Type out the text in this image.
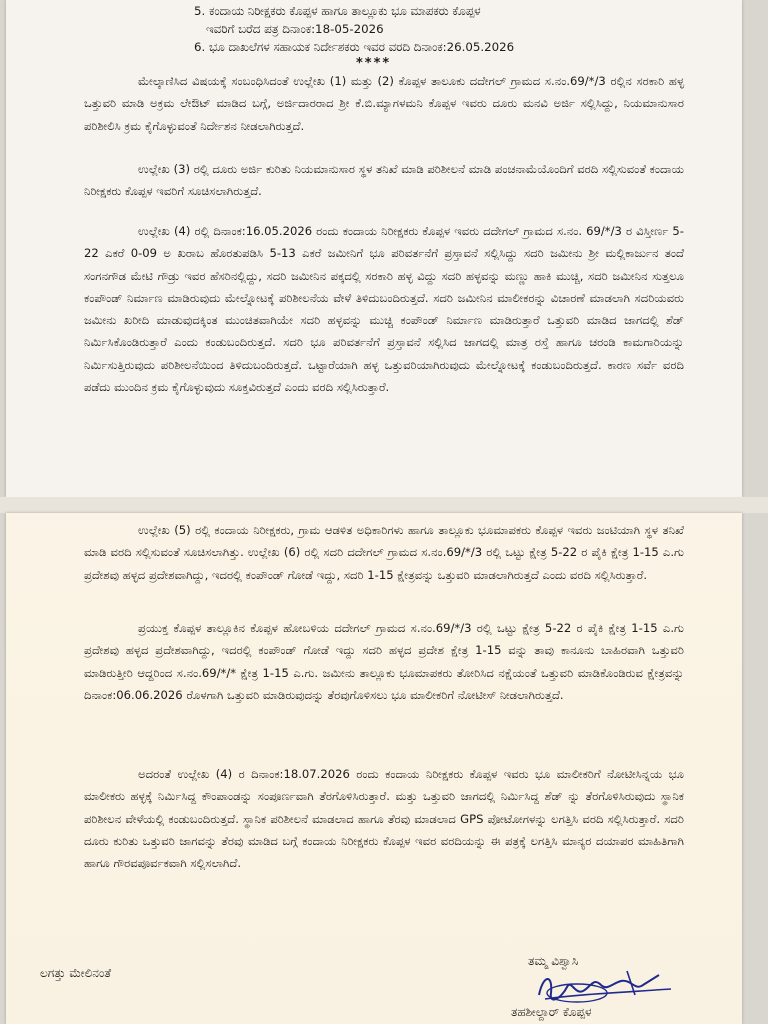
5. ಕಂದಾಯ ನಿರೀಕ್ಷಕರು ಕೊಪ್ಪಳ ಹಾಗೂ ತಾಲ್ಲೂಕು ಭೂ ಮಾಪಕರು ಕೊಪ್ಪಳ
ಇವರಿಗೆ ಬರೆದ ಪತ್ರ ದಿನಾಂಕ:18-05-2026
6. ಭೂ ದಾಖಲೆಗಳ ಸಹಾಯಕ ನಿರ್ದೇಶಕರು ಇವರ ವರದಿ ದಿನಾಂಕ:26.05.2026
****
ಮೇಲ್ಕಾಣಿಸಿದ ವಿಷಯಕ್ಕೆ ಸಂಬಂಧಿಸಿದಂತೆ ಉಲ್ಲೇಖ (1) ಮತ್ತು (2) ಕೊಪ್ಪಳ ತಾಲೂಕು ದದೇಗಲ್ ಗ್ರಾಮದ ಸ.ನಂ.69/*/3 ರಲ್ಲಿನ ಸರಕಾರಿ ಹಳ್ಳ ಒತ್ತುವರಿ ಮಾಡಿ ಅಕ್ರಮ ಲೇಔಟ್ ಮಾಡಿದ ಬಗ್ಗೆ, ಅರ್ಜಿದಾರರಾದ ಶ್ರೀ ಕೆ.ಬಿ.ಮ್ಯಾಗಳಮನಿ ಕೊಪ್ಪಳ ಇವರು ದೂರು ಮನವಿ ಅರ್ಜಿ ಸಲ್ಲಿಸಿದ್ದು, ನಿಯಮಾನುಸಾರ ಪರಿಶೀಲಿಸಿ ಕ್ರಮ ಕೈಗೊಳ್ಳುವಂತೆ ನಿರ್ದೇಶನ ನೀಡಲಾಗಿರುತ್ತದೆ.
ಉಲ್ಲೇಖ (3) ರಲ್ಲಿ ದೂರು ಅರ್ಜಿ ಕುರಿತು ನಿಯಮಾನುಸಾರ ಸ್ಥಳ ತನಿಖೆ ಮಾಡಿ ಪರಿಶೀಲನೆ ಮಾಡಿ ಪಂಚನಾಮೆಯೊಂದಿಗೆ ವರದಿ ಸಲ್ಲಿಸುವಂತೆ ಕಂದಾಯ ನಿರೀಕ್ಷಕರು ಕೊಪ್ಪಳ ಇವರಿಗೆ ಸೂಚಿಸಲಾಗಿರುತ್ತದೆ.
ಉಲ್ಲೇಖ (4) ರಲ್ಲಿ ದಿನಾಂಕ:16.05.2026 ರಂದು ಕಂದಾಯ ನಿರೀಕ್ಷಕರು ಕೊಪ್ಪಳ ಇವರು ದದೇಗಲ್ ಗ್ರಾಮದ ಸ.ನಂ. 69/*/3 ರ ವಿಸ್ತೀರ್ಣ 5-22 ಎಕರೆ 0-09 ಅ ಖರಾಬ ಹೊರತುಪಡಿಸಿ 5-13 ಎಕರೆ ಜಮೀನಿಗೆ ಭೂ ಪರಿವರ್ತನೆಗೆ ಪ್ರಸ್ತಾವನೆ ಸಲ್ಲಿಸಿದ್ದು ಸದರಿ ಜಮೀನು ಶ್ರೀ ಮಲ್ಲಿಕಾರ್ಜುನ ತಂದೆ ಸಂಗನಗೌಡ ಮೇಟಿ ಗೌಡ್ರು ಇವರ ಹೆಸರಿನಲ್ಲಿದ್ದು, ಸದರಿ ಜಮೀನಿನ ಪಕ್ಕದಲ್ಲಿ ಸರಕಾರಿ ಹಳ್ಳ ವಿದ್ದು ಸದರಿ ಹಳ್ಳವನ್ನು ಮಣ್ಣು ಹಾಕಿ ಮುಚ್ಚಿ, ಸದರಿ ಜಮೀನಿನ ಸುತ್ತಲೂ ಕಂಪೌಂಡ್ ನಿರ್ಮಾಣ ಮಾಡಿರುವುದು ಮೇಲ್ನೋಟಕ್ಕೆ ಪರಿಶೀಲನೆಯ ವೇಳೆ ತಿಳಿದುಬಂದಿರುತ್ತದೆ. ಸದರಿ ಜಮೀನಿನ ಮಾಲೀಕರನ್ನು ವಿಚಾರಣೆ ಮಾಡಲಾಗಿ ಸದರಿಯವರು ಜಮೀನು ಖರೀದಿ ಮಾಡುವುದಕ್ಕಿಂತ ಮುಂಚಿತವಾಗಿಯೇ ಸದರಿ ಹಳ್ಳವನ್ನು ಮುಚ್ಚಿ ಕಂಪೌಂಡ್ ನಿರ್ಮಾಣ ಮಾಡಿರುತ್ತಾರೆ ಒತ್ತುವರಿ ಮಾಡಿದ ಜಾಗದಲ್ಲಿ ಶೆಡ್ ನಿರ್ಮಿಸಿಕೊಂಡಿರುತ್ತಾರೆ ಎಂದು ಕಂಡುಬಂದಿರುತ್ತದೆ. ಸದರಿ ಭೂ ಪರಿವರ್ತನೆಗೆ ಪ್ರಸ್ತಾವನೆ ಸಲ್ಲಿಸಿದ ಜಾಗದಲ್ಲಿ ಮಾತ್ರ ರಸ್ತೆ ಹಾಗೂ ಚರಂಡಿ ಕಾಮಗಾರಿಯನ್ನು ನಿರ್ಮಿಸುತ್ತಿರುವುದು ಪರಿಶೀಲನೆಯಿಂದ ತಿಳಿದುಬಂದಿರುತ್ತದೆ. ಒಟ್ಟಾರೆಯಾಗಿ ಹಳ್ಳ ಒತ್ತುವರಿಯಾಗಿರುವುದು ಮೇಲ್ನೋಟಕ್ಕೆ ಕಂಡುಬಂದಿರುತ್ತದೆ. ಕಾರಣ ಸರ್ವೆ ವರದಿ ಪಡೆದು ಮುಂದಿನ ಕ್ರಮ ಕೈಗೊಳ್ಳುವುದು ಸೂಕ್ತವಿರುತ್ತದೆ ಎಂದು ವರದಿ ಸಲ್ಲಿಸಿರುತ್ತಾರೆ.
ಉಲ್ಲೇಖ (5) ರಲ್ಲಿ ಕಂದಾಯ ನಿರೀಕ್ಷಕರು, ಗ್ರಾಮ ಆಡಳಿತ ಅಧಿಕಾರಿಗಳು ಹಾಗೂ ತಾಲ್ಲೂಕು ಭೂಮಾಪಕರು ಕೊಪ್ಪಳ ಇವರು ಜಂಟಿಯಾಗಿ ಸ್ಥಳ ತನಿಖೆ ಮಾಡಿ ವರದಿ ಸಲ್ಲಿಸುವಂತೆ ಸೂಚಿಸಲಾಗಿತ್ತು. ಉಲ್ಲೇಖ (6) ರಲ್ಲಿ ಸದರಿ ದದೇಗಲ್ ಗ್ರಾಮದ ಸ.ನಂ.69/*/3 ರಲ್ಲಿ ಒಟ್ಟು ಕ್ಷೇತ್ರ 5-22 ರ ಪೈಕಿ ಕ್ಷೇತ್ರ 1-15 ಎ.ಗು ಪ್ರದೇಶವು ಹಳ್ಳದ ಪ್ರದೇಶವಾಗಿದ್ದು, ಇದರಲ್ಲಿ ಕಂಪೌಂಡ್ ಗೋಡೆ ಇದ್ದು, ಸದರಿ 1-15 ಕ್ಷೇತ್ರವನ್ನು ಒತ್ತುವರಿ ಮಾಡಲಾಗಿರುತ್ತದೆ ಎಂದು ವರದಿ ಸಲ್ಲಿಸಿರುತ್ತಾರೆ.
ಪ್ರಯುಕ್ತ ಕೊಪ್ಪಳ ತಾಲ್ಲೂಕಿನ ಕೊಪ್ಪಳ ಹೋಬಳಿಯ ದದೇಗಲ್ ಗ್ರಾಮದ ಸ.ನಂ.69/*/3 ರಲ್ಲಿ ಒಟ್ಟು ಕ್ಷೇತ್ರ 5-22 ರ ಪೈಕಿ ಕ್ಷೇತ್ರ 1-15 ಎ.ಗು ಪ್ರದೇಶವು ಹಳ್ಳದ ಪ್ರದೇಶವಾಗಿದ್ದು, ಇದರಲ್ಲಿ ಕಂಪೌಂಡ್ ಗೋಡೆ ಇದ್ದು ಸದರಿ ಹಳ್ಳದ ಪ್ರದೇಶ ಕ್ಷೇತ್ರ 1-15 ವನ್ನು ತಾವು ಕಾನೂನು ಬಾಹಿರವಾಗಿ ಒತ್ತುವರಿ ಮಾಡಿರುತ್ತೀರಿ ಆದ್ದರಿಂದ ಸ.ನಂ.69/*/* ಕ್ಷೇತ್ರ 1-15 ಎ.ಗು. ಜಮೀನು ತಾಲ್ಲೂಕು ಭೂಮಾಪಕರು ತೋರಿಸಿದ ನಕ್ಷೆಯಂತೆ ಒತ್ತುವರಿ ಮಾಡಿಕೊಂಡಿರುವ ಕ್ಷೇತ್ರವನ್ನು ದಿನಾಂಕ:06.06.2026 ರೊಳಗಾಗಿ ಒತ್ತುವರಿ ಮಾಡಿರುವುದನ್ನು ತೆರವುಗೊಳಿಸಲು ಭೂ ಮಾಲೀಕರಿಗೆ ನೋಟೀಸ್ ನೀಡಲಾಗಿರುತ್ತದೆ.
ಅದರಂತೆ ಉಲ್ಲೇಖ (4) ರ ದಿನಾಂಕ:18.07.2026 ರಂದು ಕಂದಾಯ ನಿರೀಕ್ಷಕರು ಕೊಪ್ಪಳ ಇವರು ಭೂ ಮಾಲೀಕರಿಗೆ ನೋಟೀಸಿನ್ನಯ ಭೂ ಮಾಲೀಕರು ಹಳ್ಳಕ್ಕೆ ನಿರ್ಮಿಸಿದ್ದ ಕೌಂಪಾಂಡನ್ನು ಸಂಪೂರ್ಣವಾಗಿ ತೆರಗೊಳಿಸಿರುತ್ತಾರೆ. ಮತ್ತು ಒತ್ತುವರಿ ಜಾಗದಲ್ಲಿ ನಿರ್ಮಿಸಿದ್ದ ಶೆಡ್ ನ್ನು ತೆರಗೊಳಿಸಿರುವುದು ಸ್ಥಾನಿಕ ಪರಿಶೀಲನ ವೇಳೆಯಲ್ಲಿ ಕಂಡುಬಂದಿರುತ್ತದೆ. ಸ್ಥಾನಿಕ ಪರಿಶೀಲನೆ ಮಾಡಲಾದ ಹಾಗೂ ತೆರವು ಮಾಡಲಾದ GPS ಪೋಟೋಗಳನ್ನು ಲಗತ್ತಿಸಿ ವರದಿ ಸಲ್ಲಿಸಿರುತ್ತಾರೆ. ಸದರಿ ದೂರು ಕುರಿತು ಒತ್ತುವರಿ ಜಾಗವನ್ನು ತೆರವು ಮಾಡಿದ ಬಗ್ಗೆ ಕಂದಾಯ ನಿರೀಕ್ಷಕರು ಕೊಪ್ಪಳ ಇವರ ವರದಿಯನ್ನು ಈ ಪತ್ರಕ್ಕೆ ಲಗತ್ತಿಸಿ ಮಾನ್ಯರ ದಯಾಪರ ಮಾಹಿತಿಗಾಗಿ ಹಾಗೂ ಗೌರವಪೂರ್ವಕವಾಗಿ ಸಲ್ಲಿಸಲಾಗಿದೆ.
ಲಗತ್ತು ಮೇಲಿನಂತೆ
ತಮ್ಮ ವಿಶ್ವಾಸಿ
ತಹಶೀಲ್ದಾರ್ ಕೊಪ್ಪಳ
